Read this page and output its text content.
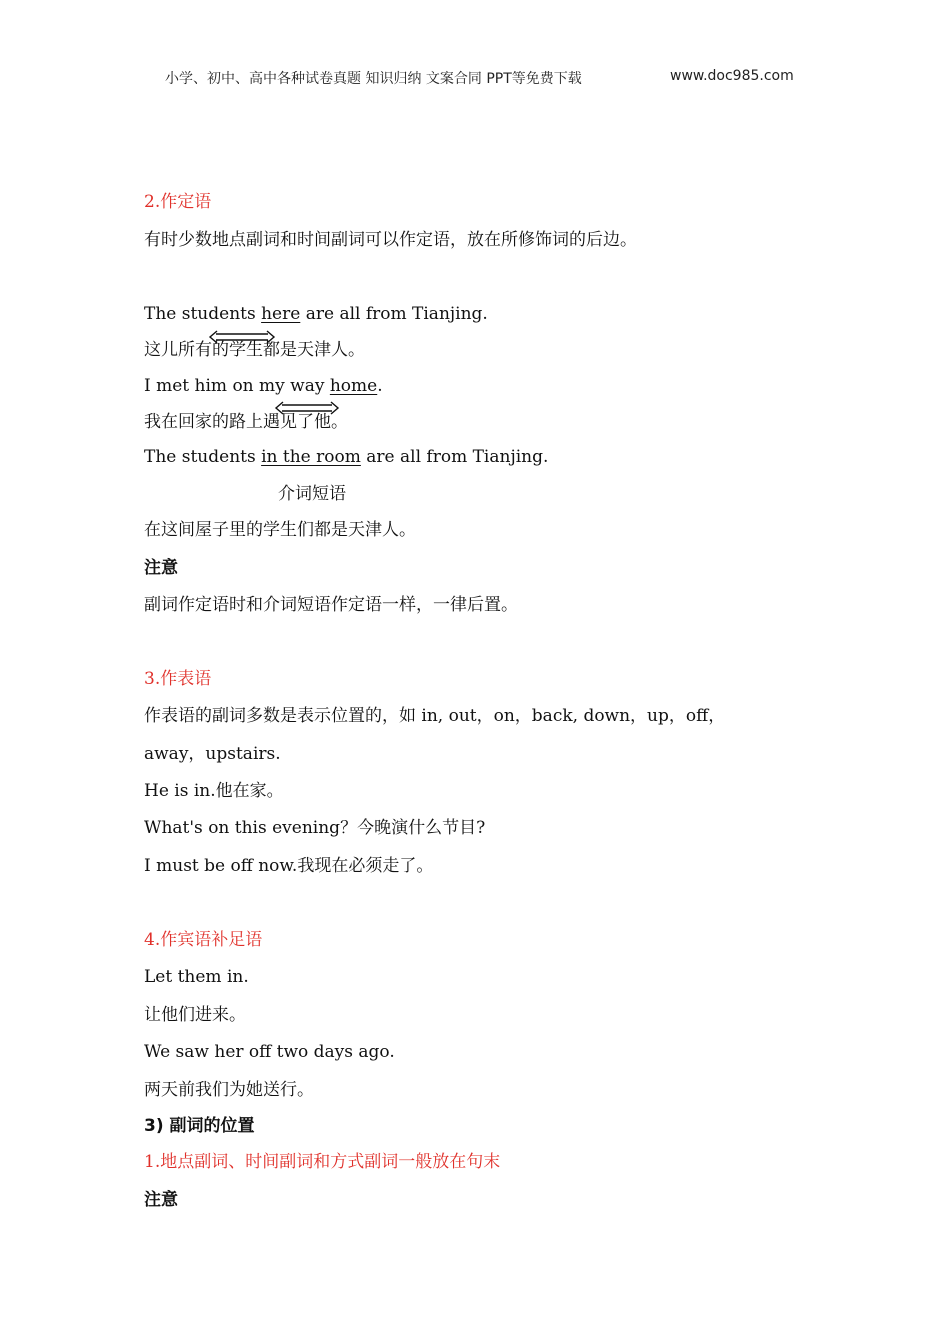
小学、初中、高中各种试卷真题 知识归纳 文案合同 PPT等免费下载	www.doc985.com
2.作定语
有时少数地点副词和时间副词可以作定语，放在所修饰词的后边。
The students here are all from Tianjing.
这儿所有的学生都是天津人。
I met him on my way home.
我在回家的路上遇见了他。
The students in the room are all from Tianjing.
介词短语
在这间屋子里的学生们都是天津人。
注意
副词作定语时和介词短语作定语一样，一律后置。
3.作表语
作表语的副词多数是表示位置的，如 in, out，on，back, down，up，off，
away，upstairs.
He is in.他在家。
What's on this evening？今晚演什么节目?
I must be off now.我现在必须走了。
4.作宾语补足语
Let them in.
让他们进来。
We saw her off two days ago.
两天前我们为她送行。
3) 副词的位置
1.地点副词、时间副词和方式副词一般放在句末
注意
